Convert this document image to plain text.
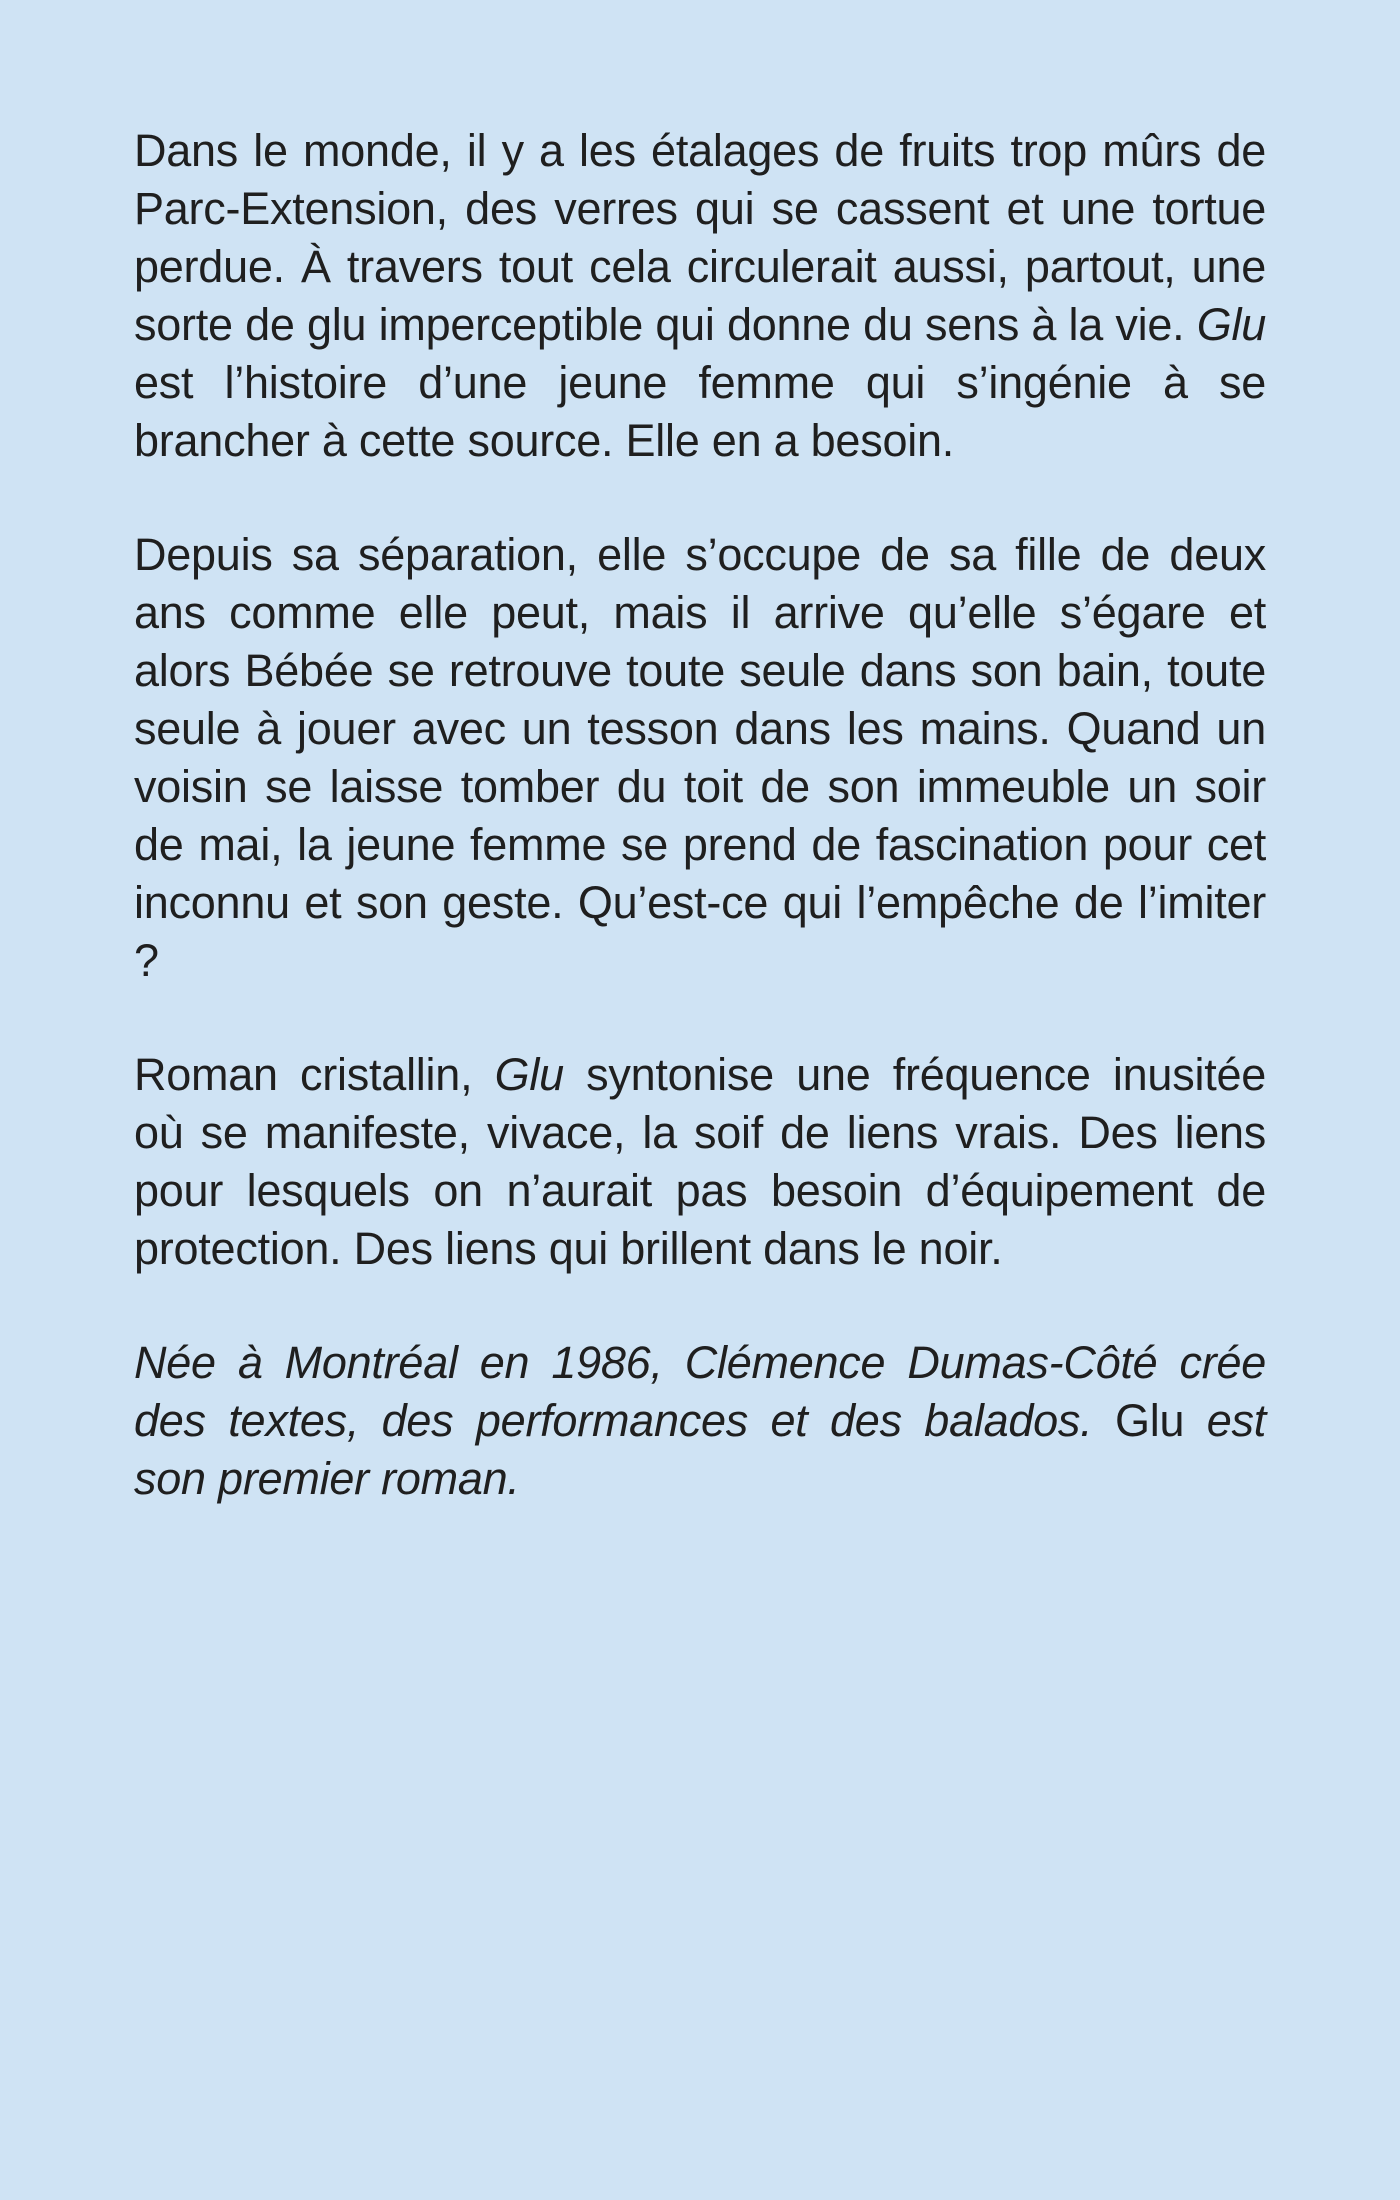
Dans le monde, il y a les étalages de fruits trop mûrs de Parc-Extension, des verres qui se cassent et une tortue perdue. À travers tout cela circulerait aussi, partout, une sorte de glu imperceptible qui donne du sens à la vie. Glu est l’histoire d’une jeune femme qui s’ingénie à se brancher à cette source. Elle en a besoin.

Depuis sa séparation, elle s’occupe de sa fille de deux ans comme elle peut, mais il arrive qu’elle s’égare et alors Bébée se retrouve toute seule dans son bain, toute seule à jouer avec un tesson dans les mains. Quand un voisin se laisse tomber du toit de son immeuble un soir de mai, la jeune femme se prend de fascination pour cet inconnu et son geste. Qu’est-ce qui l’empêche de l’imiter ?

Roman cristallin, Glu syntonise une fréquence inusitée où se manifeste, vivace, la soif de liens vrais. Des liens pour lesquels on n’aurait pas besoin d’équipement de protection. Des liens qui brillent dans le noir.

Née à Montréal en 1986, Clémence Dumas-Côté crée des textes, des performances et des balados. Glu est son premier roman.
